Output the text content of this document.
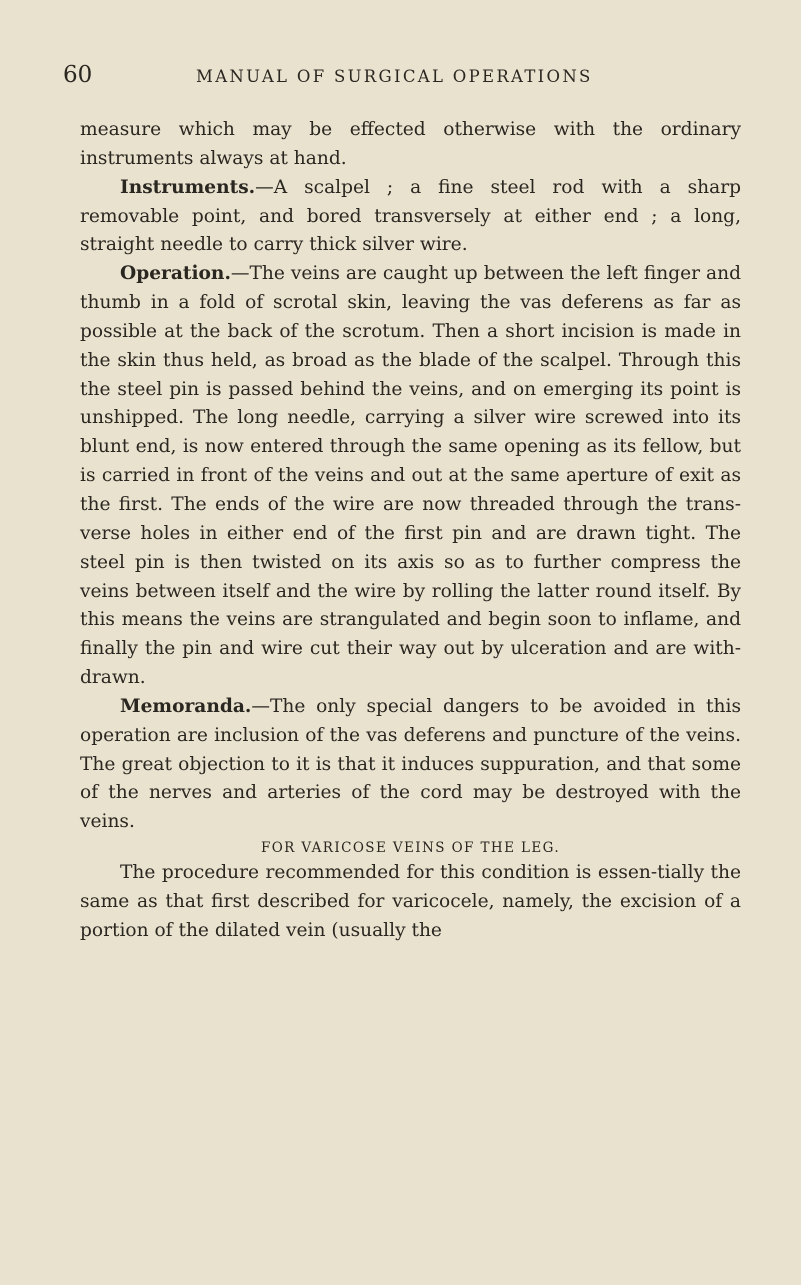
60	MANUAL OF SURGICAL OPERATIONS

measure which may be effected otherwise with the ordinary instruments always at hand.

Instruments.—A scalpel ; a fine steel rod with a sharp removable point, and bored transversely at either end ; a long, straight needle to carry thick silver wire.

Operation.—The veins are caught up between the left finger and thumb in a fold of scrotal skin, leaving the vas deferens as far as possible at the back of the scrotum. Then a short incision is made in the skin thus held, as broad as the blade of the scalpel. Through this the steel pin is passed behind the veins, and on emerging its point is unshipped. The long needle, carrying a silver wire screwed into its blunt end, is now entered through the same opening as its fellow, but is carried in front of the veins and out at the same aperture of exit as the first. The ends of the wire are now threaded through the trans-verse holes in either end of the first pin and are drawn tight. The steel pin is then twisted on its axis so as to further compress the veins between itself and the wire by rolling the latter round itself. By this means the veins are strangulated and begin soon to inflame, and finally the pin and wire cut their way out by ulceration and are with-drawn.

Memoranda.—The only special dangers to be avoided in this operation are inclusion of the vas deferens and puncture of the veins. The great objection to it is that it induces suppuration, and that some of the nerves and arteries of the cord may be destroyed with the veins.

FOR VARICOSE VEINS OF THE LEG.

The procedure recommended for this condition is essen-tially the same as that first described for varicocele, namely, the excision of a portion of the dilated vein (usually the
